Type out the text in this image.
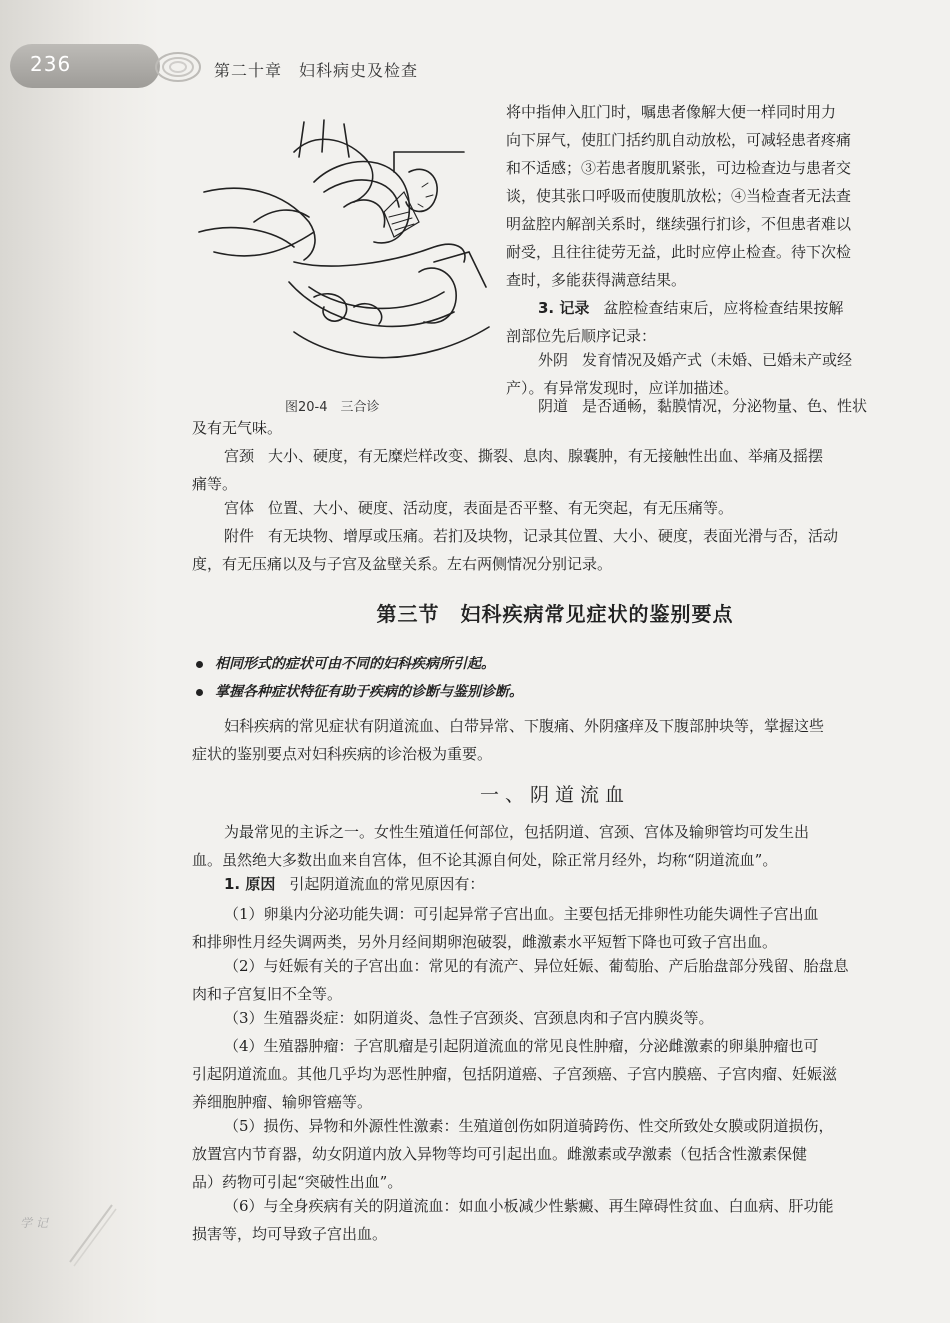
236	第二十章　妇科病史及检查
图20-4　三合诊

将中指伸入肛门时，嘱患者像解大便一样同时用力
向下屏气，使肛门括约肌自动放松，可减轻患者疼痛
和不适感；③若患者腹肌紧张，可边检查边与患者交
谈，使其张口呼吸而使腹肌放松；④当检查者无法查
明盆腔内解剖关系时，继续强行扪诊，不但患者难以
耐受，且往往徒劳无益，此时应停止检查。待下次检
查时，多能获得满意结果。

3. 记录 盆腔检查结束后，应将检查结果按解
剖部位先后顺序记录：

外阴 发育情况及婚产式（未婚、已婚未产或经
产）。有异常发现时，应详加描述。

阴道 是否通畅，黏膜情况，分泌物量、色、性状

及有无气味。

宫颈 大小、硬度，有无糜烂样改变、撕裂、息肉、腺囊肿，有无接触性出血、举痛及摇摆
痛等。

宫体 位置、大小、硬度、活动度，表面是否平整、有无突起，有无压痛等。

附件 有无块物、增厚或压痛。若扪及块物，记录其位置、大小、硬度，表面光滑与否，活动
度，有无压痛以及与子宫及盆壁关系。左右两侧情况分别记录。

第三节　妇科疾病常见症状的鉴别要点
相同形式的症状可由不同的妇科疾病所引起。
掌握各种症状特征有助于疾病的诊断与鉴别诊断。

妇科疾病的常见症状有阴道流血、白带异常、下腹痛、外阴瘙痒及下腹部肿块等，掌握这些
症状的鉴别要点对妇科疾病的诊治极为重要。

一、阴道流血

为最常见的主诉之一。女性生殖道任何部位，包括阴道、宫颈、宫体及输卵管均可发生出
血。虽然绝大多数出血来自宫体，但不论其源自何处，除正常月经外，均称“阴道流血”。

1. 原因 引起阴道流血的常见原因有：

（1）卵巢内分泌功能失调：可引起异常子宫出血。主要包括无排卵性功能失调性子宫出血
和排卵性月经失调两类，另外月经间期卵泡破裂，雌激素水平短暂下降也可致子宫出血。

（2）与妊娠有关的子宫出血：常见的有流产、异位妊娠、葡萄胎、产后胎盘部分残留、胎盘息
肉和子宫复旧不全等。

（3）生殖器炎症：如阴道炎、急性子宫颈炎、宫颈息肉和子宫内膜炎等。

（4）生殖器肿瘤：子宫肌瘤是引起阴道流血的常见良性肿瘤，分泌雌激素的卵巢肿瘤也可
引起阴道流血。其他几乎均为恶性肿瘤，包括阴道癌、子宫颈癌、子宫内膜癌、子宫肉瘤、妊娠滋
养细胞肿瘤、输卵管癌等。

（5）损伤、异物和外源性性激素：生殖道创伤如阴道骑跨伤、性交所致处女膜或阴道损伤，
放置宫内节育器，幼女阴道内放入异物等均可引起出血。雌激素或孕激素（包括含性激素保健
品）药物可引起“突破性出血”。

（6）与全身疾病有关的阴道流血：如血小板减少性紫癜、再生障碍性贫血、白血病、肝功能
损害等，均可导致子宫出血。

学 记
